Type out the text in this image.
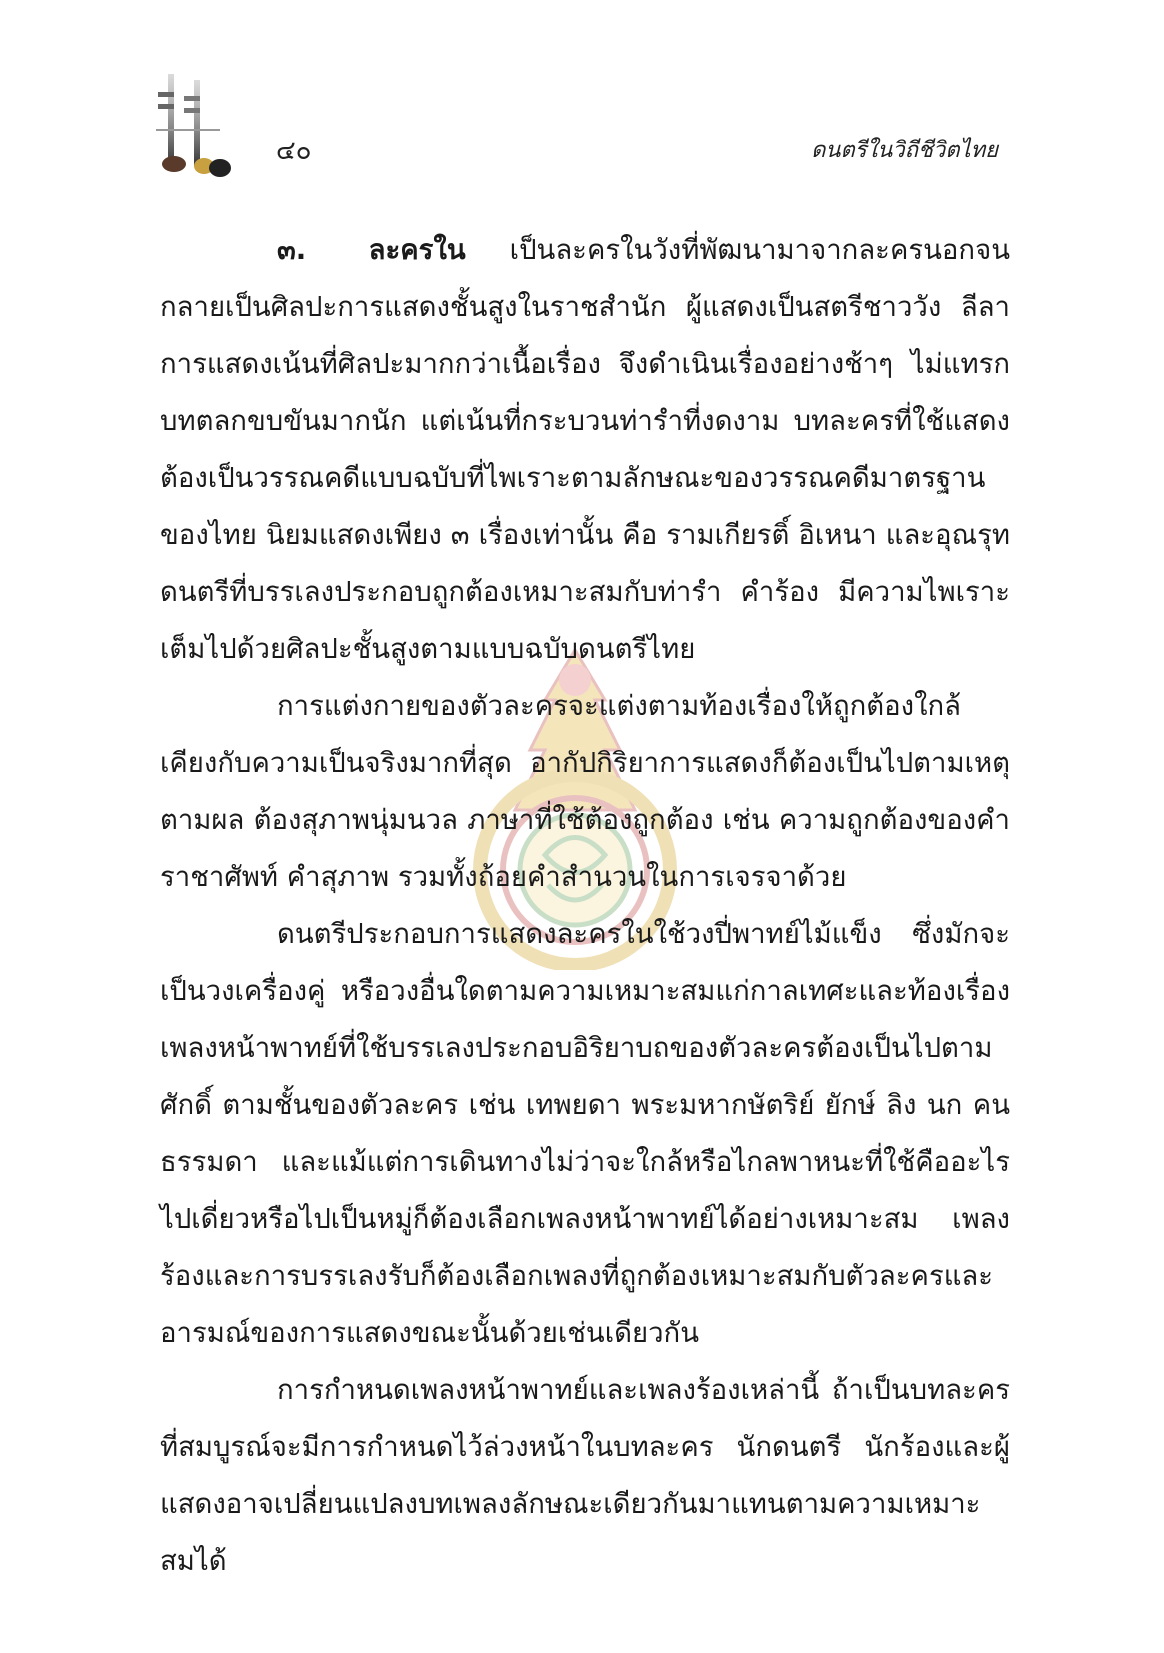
๔๐	ดนตรีในวิถีชีวิตไทย

๓. ละครใน เป็นละครในวังที่พัฒนามาจากละครนอกจนกลายเป็นศิลปะการแสดงชั้นสูงในราชสำนัก ผู้แสดงเป็นสตรีชาววัง ลีลาการแสดงเน้นที่ศิลปะมากกว่าเนื้อเรื่อง จึงดำเนินเรื่องอย่างช้าๆ ไม่แทรกบทตลกขบขันมากนัก แต่เน้นที่กระบวนท่ารำที่งดงาม บทละครที่ใช้แสดงต้องเป็นวรรณคดีแบบฉบับที่ไพเราะตามลักษณะของวรรณคดีมาตรฐานของไทย นิยมแสดงเพียง ๓ เรื่องเท่านั้น คือ รามเกียรติ์ อิเหนา และอุณรุท ดนตรีที่บรรเลงประกอบถูกต้องเหมาะสมกับท่ารำ คำร้อง มีความไพเราะ เต็มไปด้วยศิลปะชั้นสูงตามแบบฉบับดนตรีไทย

การแต่งกายของตัวละครจะแต่งตามท้องเรื่องให้ถูกต้องใกล้เคียงกับความเป็นจริงมากที่สุด อากัปกิริยาการแสดงก็ต้องเป็นไปตามเหตุตามผล ต้องสุภาพนุ่มนวล ภาษาที่ใช้ต้องถูกต้อง เช่น ความถูกต้องของคำราชาศัพท์ คำสุภาพ รวมทั้งถ้อยคำสำนวนในการเจรจาด้วย

ดนตรีประกอบการแสดงละครในใช้วงปี่พาทย์ไม้แข็ง ซึ่งมักจะเป็นวงเครื่องคู่ หรือวงอื่นใดตามความเหมาะสมแก่กาลเทศะและท้องเรื่อง เพลงหน้าพาทย์ที่ใช้บรรเลงประกอบอิริยาบถของตัวละครต้องเป็นไปตามศักดิ์ ตามชั้นของตัวละคร เช่น เทพยดา พระมหากษัตริย์ ยักษ์ ลิง นก คนธรรมดา และแม้แต่การเดินทางไม่ว่าจะใกล้หรือไกลพาหนะที่ใช้คืออะไร ไปเดี่ยวหรือไปเป็นหมู่ก็ต้องเลือกเพลงหน้าพาทย์ได้อย่างเหมาะสม เพลงร้องและการบรรเลงรับก็ต้องเลือกเพลงที่ถูกต้องเหมาะสมกับตัวละครและอารมณ์ของการแสดงขณะนั้นด้วยเช่นเดียวกัน

การกำหนดเพลงหน้าพาทย์และเพลงร้องเหล่านี้ ถ้าเป็นบทละครที่สมบูรณ์จะมีการกำหนดไว้ล่วงหน้าในบทละคร นักดนตรี นักร้องและผู้แสดงอาจเปลี่ยนแปลงบทเพลงลักษณะเดียวกันมาแทนตามความเหมาะสมได้
